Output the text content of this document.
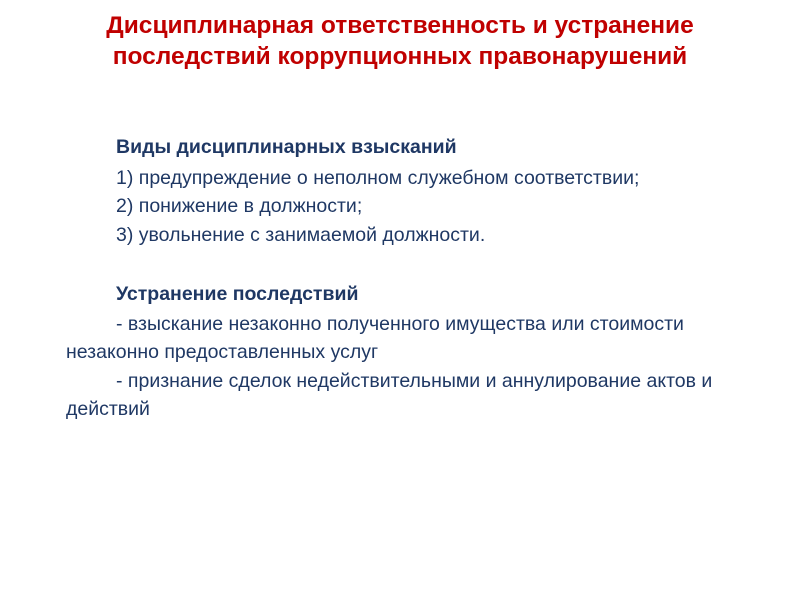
Дисциплинарная ответственность и устранение последствий коррупционных правонарушений

Виды дисциплинарных взысканий

1) предупреждение о неполном служебном соответствии;

2) понижение в должности;

3) увольнение с занимаемой должности.

Устранение последствий

- взыскание незаконно полученного имущества или стоимости незаконно предоставленных услуг

- признание сделок недействительными и аннулирование актов и действий
